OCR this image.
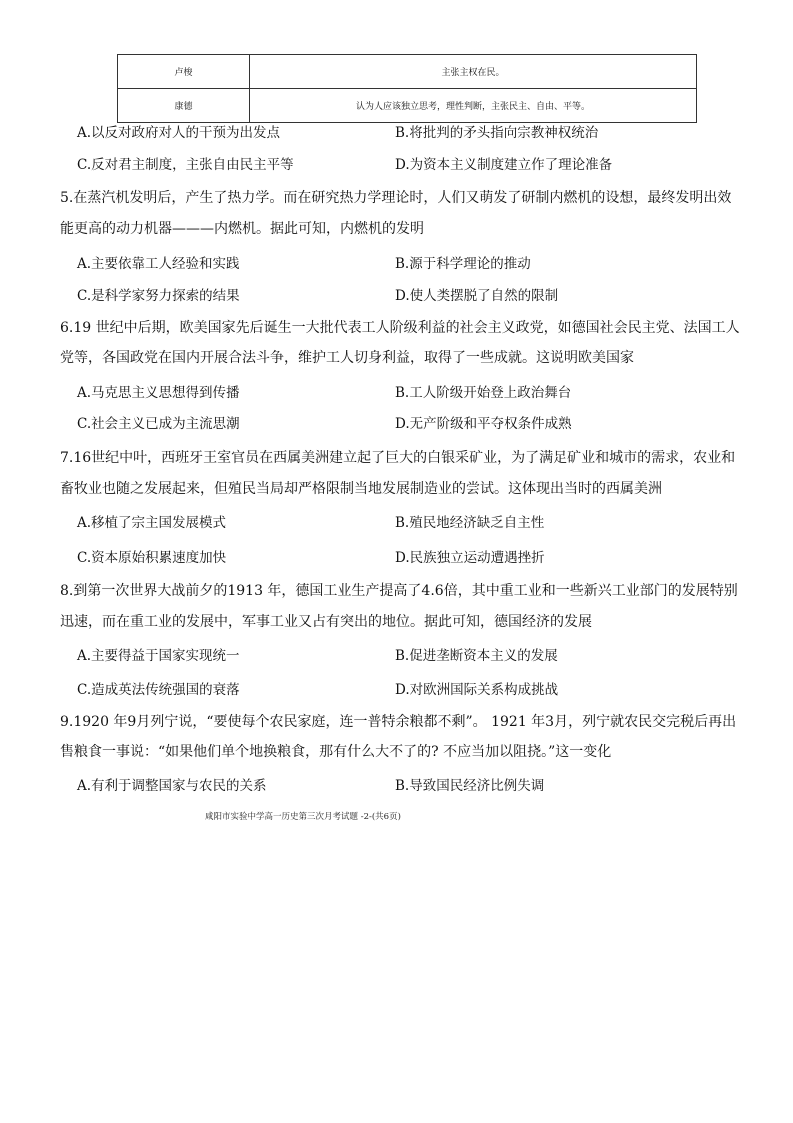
卢梭	主张主权在民。
康德	认为人应该独立思考，理性判断，主张民主、自由、平等。
A.以反对政府对人的干预为出发点	B.将批判的矛头指向宗教神权统治
C.反对君主制度，主张自由民主平等	D.为资本主义制度建立作了理论准备
5.在蒸汽机发明后，产生了热力学。而在研究热力学理论时，人们又萌发了研制内燃机的设想，最终发明出效
能更高的动力机器———内燃机。据此可知，内燃机的发明
A.主要依靠工人经验和实践	B.源于科学理论的推动
C.是科学家努力探索的结果	D.使人类摆脱了自然的限制
6.19 世纪中后期，欧美国家先后诞生一大批代表工人阶级利益的社会主义政党，如德国社会民主党、法国工人
党等，各国政党在国内开展合法斗争，维护工人切身利益，取得了一些成就。这说明欧美国家
A.马克思主义思想得到传播	B.工人阶级开始登上政治舞台
C.社会主义已成为主流思潮	D.无产阶级和平夺权条件成熟
7.16世纪中叶，西班牙王室官员在西属美洲建立起了巨大的白银采矿业，为了满足矿业和城市的需求，农业和
畜牧业也随之发展起来，但殖民当局却严格限制当地发展制造业的尝试。这体现出当时的西属美洲
A.移植了宗主国发展模式	B.殖民地经济缺乏自主性
C.资本原始积累速度加快	D.民族独立运动遭遇挫折
8.到第一次世界大战前夕的1913 年，德国工业生产提高了4.6倍，其中重工业和一些新兴工业部门的发展特别
迅速，而在重工业的发展中，军事工业又占有突出的地位。据此可知，德国经济的发展
A.主要得益于国家实现统一	B.促进垄断资本主义的发展
C.造成英法传统强国的衰落	D.对欧洲国际关系构成挑战
9.1920 年9月列宁说，“要使每个农民家庭，连一普特余粮都不剩”。 1921 年3月，列宁就农民交完税后再出
售粮食一事说：“如果他们单个地换粮食，那有什么大不了的? 不应当加以阻挠。”这一变化
A.有利于调整国家与农民的关系	B.导致国民经济比例失调
咸阳市实验中学高一历史第三次月考试题 -2-(共6页)
